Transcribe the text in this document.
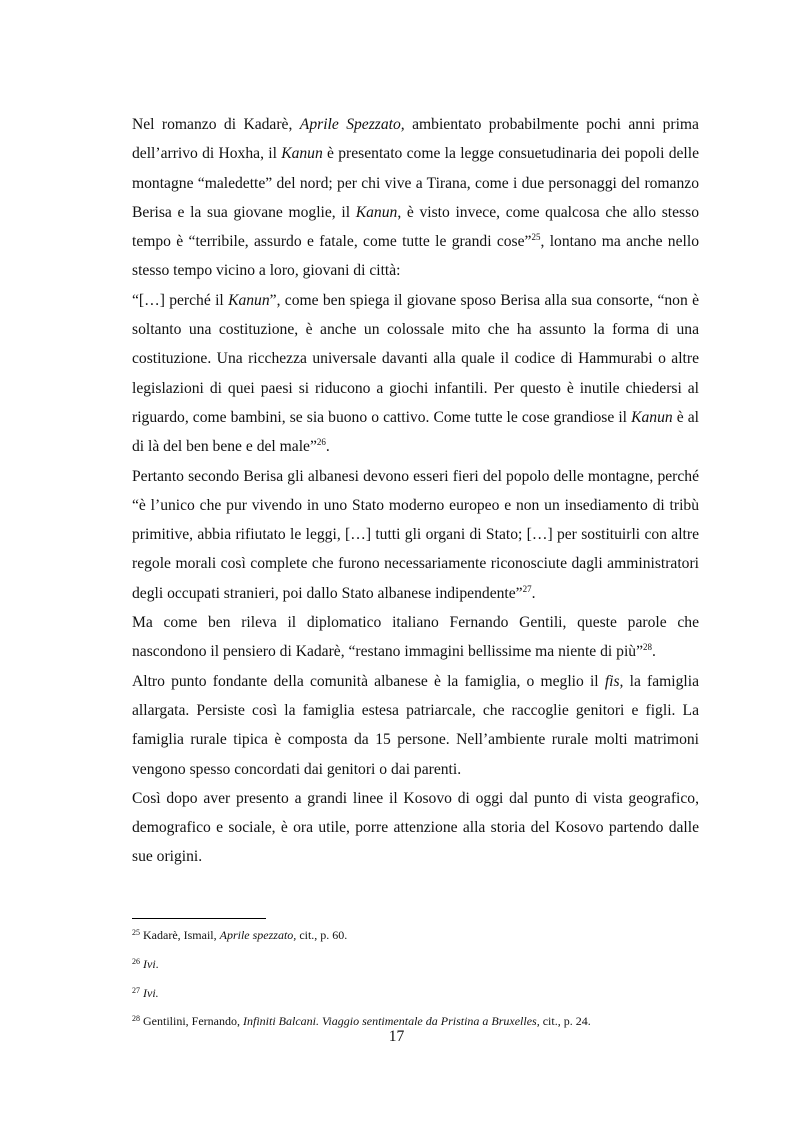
Nel romanzo di Kadarè, Aprile Spezzato, ambientato probabilmente pochi anni prima dell’arrivo di Hoxha, il Kanun è presentato come la legge consuetudinaria dei popoli delle montagne “maledette” del nord; per chi vive a Tirana, come i due personaggi del romanzo Berisa e la sua giovane moglie, il Kanun, è visto invece, come qualcosa che allo stesso tempo è “terribile, assurdo e fatale, come tutte le grandi cose”$^{25}$, lontano ma anche nello stesso tempo vicino a loro, giovani di città:

“[…] perché il Kanun”, come ben spiega il giovane sposo Berisa alla sua consorte, “non è soltanto una costituzione, è anche un colossale mito che ha assunto la forma di una costituzione. Una ricchezza universale davanti alla quale il codice di Hammurabi o altre legislazioni di quei paesi si riducono a giochi infantili. Per questo è inutile chiedersi al riguardo, come bambini, se sia buono o cattivo. Come tutte le cose grandiose il Kanun è al di là del ben bene e del male”$^{26}$.

Pertanto secondo Berisa gli albanesi devono esseri fieri del popolo delle montagne, perché “è l’unico che pur vivendo in uno Stato moderno europeo e non un insediamento di tribù primitive, abbia rifiutato le leggi, […] tutti gli organi di Stato; […] per sostituirli con altre regole morali così complete che furono necessariamente riconosciute dagli amministratori degli occupati stranieri, poi dallo Stato albanese indipendente”$^{27}$.

Ma come ben rileva il diplomatico italiano Fernando Gentili, queste parole che nascondono il pensiero di Kadarè, “restano immagini bellissime ma niente di più”$^{28}$.

Altro punto fondante della comunità albanese è la famiglia, o meglio il fis, la famiglia allargata. Persiste così la famiglia estesa patriarcale, che raccoglie genitori e figli. La famiglia rurale tipica è composta da 15 persone. Nell’ambiente rurale molti matrimoni vengono spesso concordati dai genitori o dai parenti.

Così dopo aver presento a grandi linee il Kosovo di oggi dal punto di vista geografico, demografico e sociale, è ora utile, porre attenzione alla storia del Kosovo partendo dalle sue origini.

$^{25}$ Kadarè, Ismail, Aprile spezzato, cit., p. 60.
$^{26}$ Ivi.
$^{27}$ Ivi.
$^{28}$ Gentilini, Fernando, Infiniti Balcani. Viaggio sentimentale da Pristina a Bruxelles, cit., p. 24.
17
